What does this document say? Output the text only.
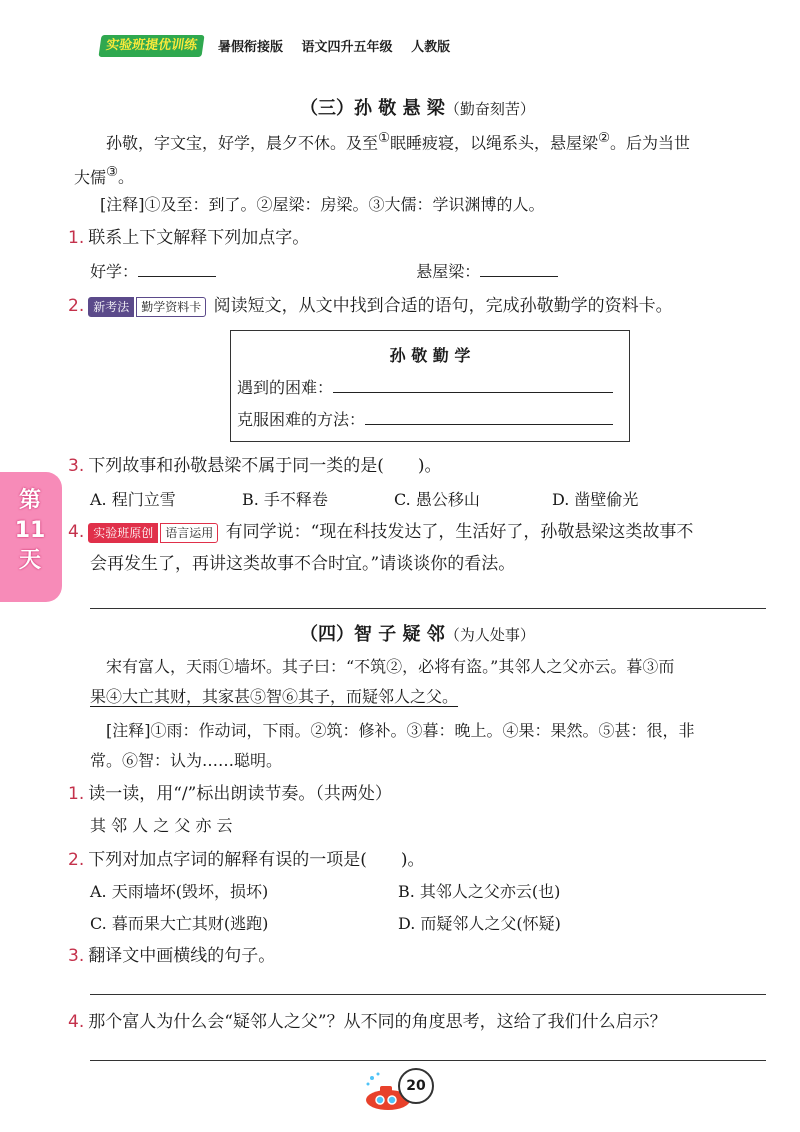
实验班提优训练	暑假衔接版 语文四升五年级 人教版
第11天
（三）孙 敬 悬 梁（勤奋刻苦）
孙敬，字文宝，好学，晨夕不休。及至①眠睡疲寝，以绳系头，悬屋梁②。后为当世
大儒③。
[注释]①及至：到了。②屋梁：房梁。③大儒：学识渊博的人。
1. 联系上下文解释下列加点字。
好学：	悬屋梁：
2. 新考法 勤学资料卡 阅读短文，从文中找到合适的语句，完成孙敬勤学的资料卡。
孙 敬 勤 学
遇到的困难：
克服困难的方法：
3. 下列故事和孙敬悬梁不属于同一类的是(　　)。
A. 程门立雪	B. 手不释卷	C. 愚公移山	D. 凿壁偷光
4. 实验班原创 语言运用 有同学说：“现在科技发达了，生活好了，孙敬悬梁这类故事不
会再发生了，再讲这类故事不合时宜。”请谈谈你的看法。
（四）智 子 疑 邻（为人处事）
宋有富人，天雨①墙坏。其子曰：“不筑②，必将有盗。”其邻人之父亦云。暮③而
果④大亡其财，其家甚⑤智⑥其子，而疑邻人之父。
[注释]①雨：作动词，下雨。②筑：修补。③暮：晚上。④果：果然。⑤甚：很，非
常。⑥智：认为……聪明。
1. 读一读，用“/”标出朗读节奏。（共两处）
其 邻 人 之 父 亦 云
2. 下列对加点字词的解释有误的一项是(　　)。
A. 天雨墙坏(毁坏，损坏)	B. 其邻人之父亦云(也)
C. 暮而果大亡其财(逃跑)	D. 而疑邻人之父(怀疑)
3. 翻译文中画横线的句子。
4. 那个富人为什么会“疑邻人之父”？从不同的角度思考，这给了我们什么启示？
20
